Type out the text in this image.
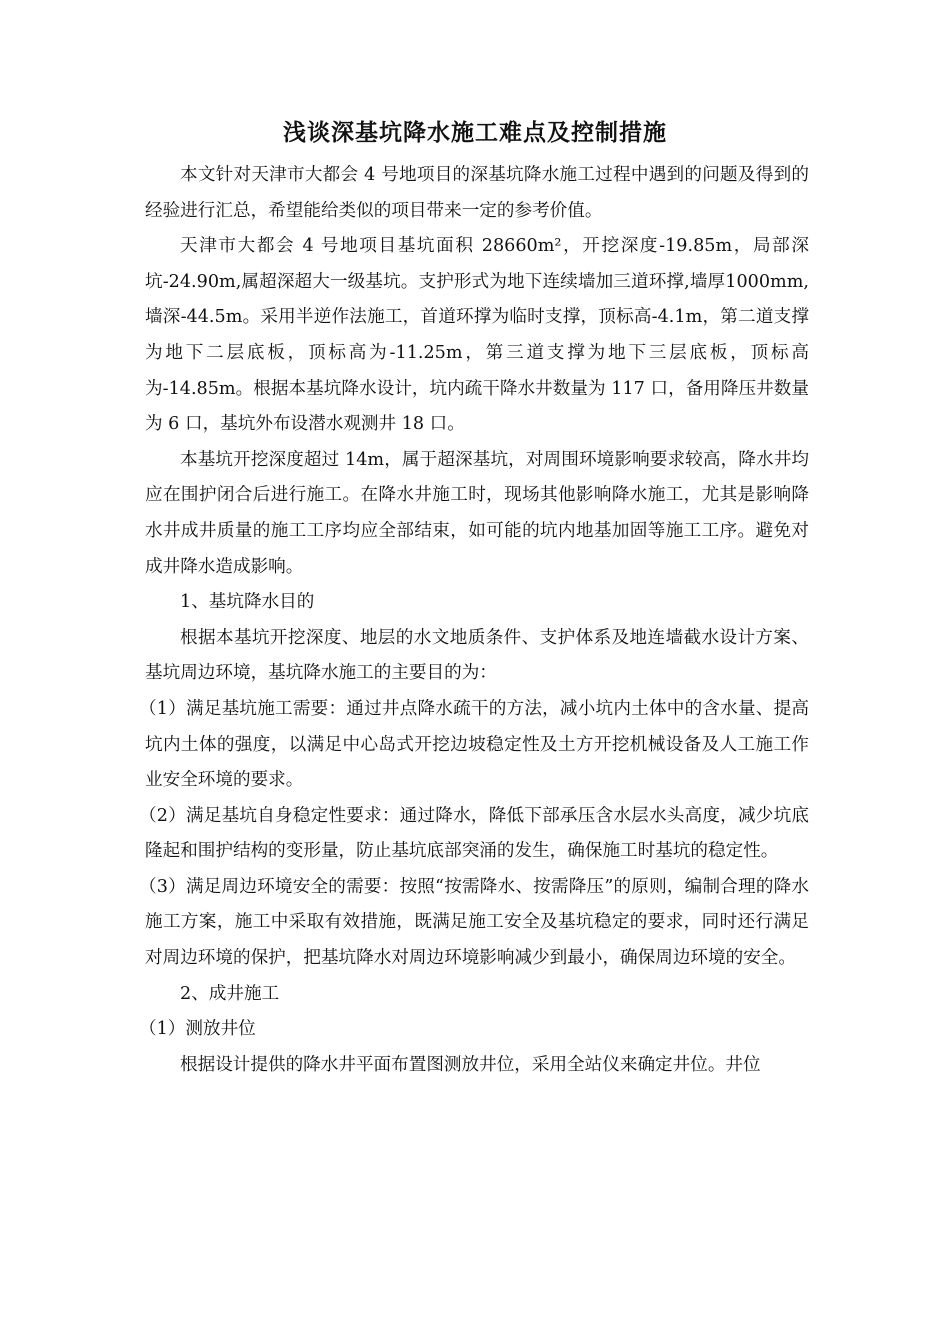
浅谈深基坑降水施工难点及控制措施

本文针对天津市大都会 4 号地项目的深基坑降水施工过程中遇到的问题及得到的经验进行汇总，希望能给类似的项目带来一定的参考价值。

天津市大都会 4 号地项目基坑面积 28660m²，开挖深度-19.85m，局部深坑-24.90m,属超深超大一级基坑。支护形式为地下连续墙加三道环撑,墙厚1000mm,墙深-44.5m。采用半逆作法施工，首道环撑为临时支撑，顶标高-4.1m，第二道支撑为地下二层底板，顶标高为-11.25m，第三道支撑为地下三层底板，顶标高为-14.85m。根据本基坑降水设计，坑内疏干降水井数量为 117 口，备用降压井数量为 6 口，基坑外布设潜水观测井 18 口。

本基坑开挖深度超过 14m，属于超深基坑，对周围环境影响要求较高，降水井均应在围护闭合后进行施工。在降水井施工时，现场其他影响降水施工，尤其是影响降水井成井质量的施工工序均应全部结束，如可能的坑内地基加固等施工工序。避免对成井降水造成影响。

1、基坑降水目的

根据本基坑开挖深度、地层的水文地质条件、支护体系及地连墙截水设计方案、基坑周边环境，基坑降水施工的主要目的为：

（1）满足基坑施工需要：通过井点降水疏干的方法，减小坑内土体中的含水量、提高坑内土体的强度，以满足中心岛式开挖边坡稳定性及土方开挖机械设备及人工施工作业安全环境的要求。

（2）满足基坑自身稳定性要求：通过降水，降低下部承压含水层水头高度，减少坑底隆起和围护结构的变形量，防止基坑底部突涌的发生，确保施工时基坑的稳定性。

（3）满足周边环境安全的需要：按照“按需降水、按需降压”的原则，编制合理的降水施工方案，施工中采取有效措施，既满足施工安全及基坑稳定的要求，同时还行满足对周边环境的保护，把基坑降水对周边环境影响减少到最小，确保周边环境的安全。

2、成井施工

（1）测放井位

根据设计提供的降水井平面布置图测放井位，采用全站仪来确定井位。井位
